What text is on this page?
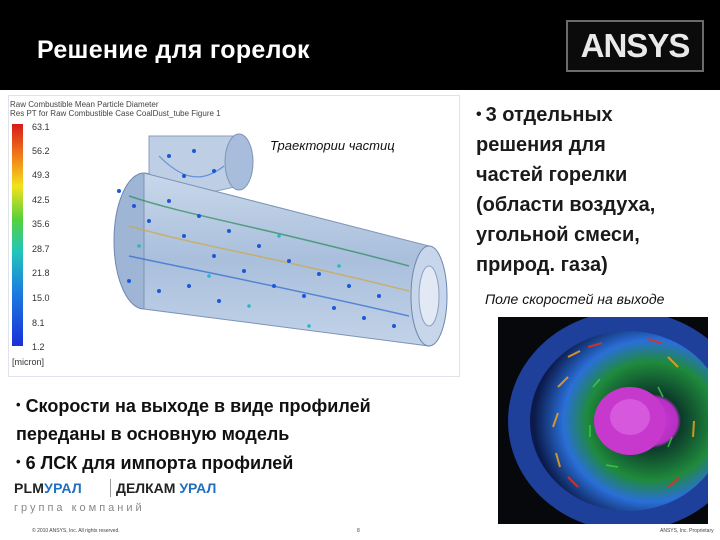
Решение для горелок	ANSYS
Raw Combustible Mean Particle Diameter
Res PT for Raw Combustible Case CoalDust_tube Figure 1
63.1
56.2
49.3
42.5
35.6
28.7
21.8
15.0
8.1
1.2
[micron]
Траектории частиц
• 3 отдельных
решения для
частей горелки
(области воздуха,
угольной смеси,
природ. газа)
Поле скоростей на выходе
• Скорости на выходе в виде профилей
переданы в основную модель
• 6 ЛСК для импорта профилей
PLMУРАЛ ДЕЛКАМ УРАЛ
группа компаний
© 2010 ANSYS, Inc. All rights reserved.	8	ANSYS, Inc. Proprietary
